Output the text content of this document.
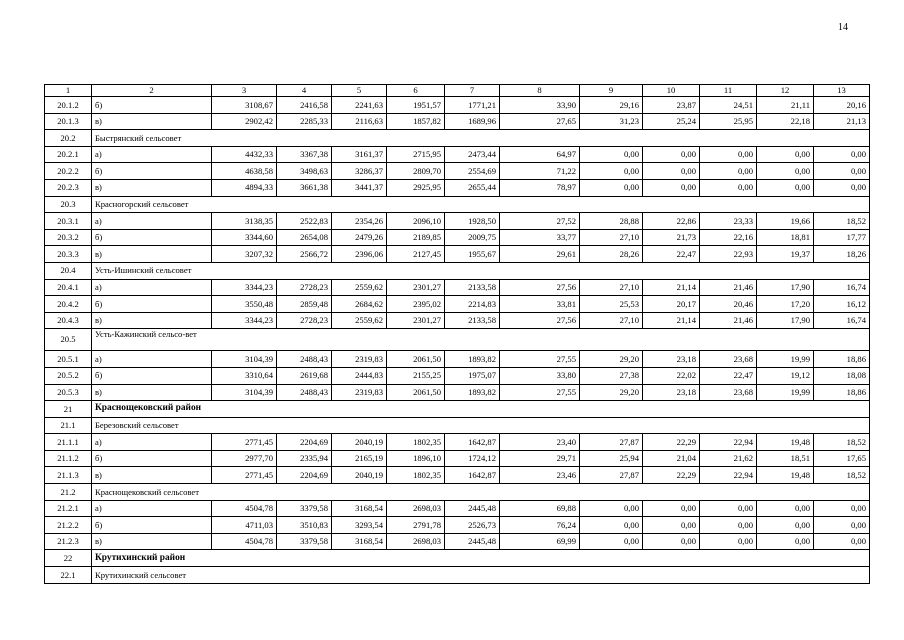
14
1	2	3	4	5	6	7	8	9	10	11	12	13
20.1.2	б)	3108,67	2416,58	2241,63	1951,57	1771,21	33,90	29,16	23,87	24,51	21,11	20,16
20.1.3	в)	2902,42	2285,33	2116,63	1857,82	1689,96	27,65	31,23	25,24	25,95	22,18	21,13
20.2	Быстрянский сельсовет											
20.2.1	а)	4432,33	3367,38	3161,37	2715,95	2473,44	64,97	0,00	0,00	0,00	0,00	0,00
20.2.2	б)	4638,58	3498,63	3286,37	2809,70	2554,69	71,22	0,00	0,00	0,00	0,00	0,00
20.2.3	в)	4894,33	3661,38	3441,37	2925,95	2655,44	78,97	0,00	0,00	0,00	0,00	0,00
20.3	Красногорский сельсовет											
20.3.1	а)	3138,35	2522,83	2354,26	2096,10	1928,50	27,52	28,88	22,86	23,33	19,66	18,52
20.3.2	б)	3344,60	2654,08	2479,26	2189,85	2009,75	33,77	27,10	21,73	22,16	18,81	17,77
20.3.3	в)	3207,32	2566,72	2396,06	2127,45	1955,67	29,61	28,26	22,47	22,93	19,37	18,26
20.4	Усть-Ишинский сельсовет											
20.4.1	а)	3344,23	2728,23	2559,62	2301,27	2133,58	27,56	27,10	21,14	21,46	17,90	16,74
20.4.2	б)	3550,48	2859,48	2684,62	2395,02	2214,83	33,81	25,53	20,17	20,46	17,20	16,12
20.4.3	в)	3344,23	2728,23	2559,62	2301,27	2133,58	27,56	27,10	21,14	21,46	17,90	16,74
20.5	Усть-Кажинский сельсо-вет											
20.5.1	а)	3104,39	2488,43	2319,83	2061,50	1893,82	27,55	29,20	23,18	23,68	19,99	18,86
20.5.2	б)	3310,64	2619,68	2444,83	2155,25	1975,07	33,80	27,38	22,02	22,47	19,12	18,08
20.5.3	в)	3104,39	2488,43	2319,83	2061,50	1893,82	27,55	29,20	23,18	23,68	19,99	18,86
21	Краснощековский район											
21.1	Березовский сельсовет											
21.1.1	а)	2771,45	2204,69	2040,19	1802,35	1642,87	23,40	27,87	22,29	22,94	19,48	18,52
21.1.2	б)	2977,70	2335,94	2165,19	1896,10	1724,12	29,71	25,94	21,04	21,62	18,51	17,65
21.1.3	в)	2771,45	2204,69	2040,19	1802,35	1642,87	23,46	27,87	22,29	22,94	19,48	18,52
21.2	Краснощековский сельсовет											
21.2.1	а)	4504,78	3379,58	3168,54	2698,03	2445,48	69,88	0,00	0,00	0,00	0,00	0,00
21.2.2	б)	4711,03	3510,83	3293,54	2791,78	2526,73	76,24	0,00	0,00	0,00	0,00	0,00
21.2.3	в)	4504,78	3379,58	3168,54	2698,03	2445,48	69,99	0,00	0,00	0,00	0,00	0,00
22	Крутихинский район											
22.1	Крутихинский сельсовет											
